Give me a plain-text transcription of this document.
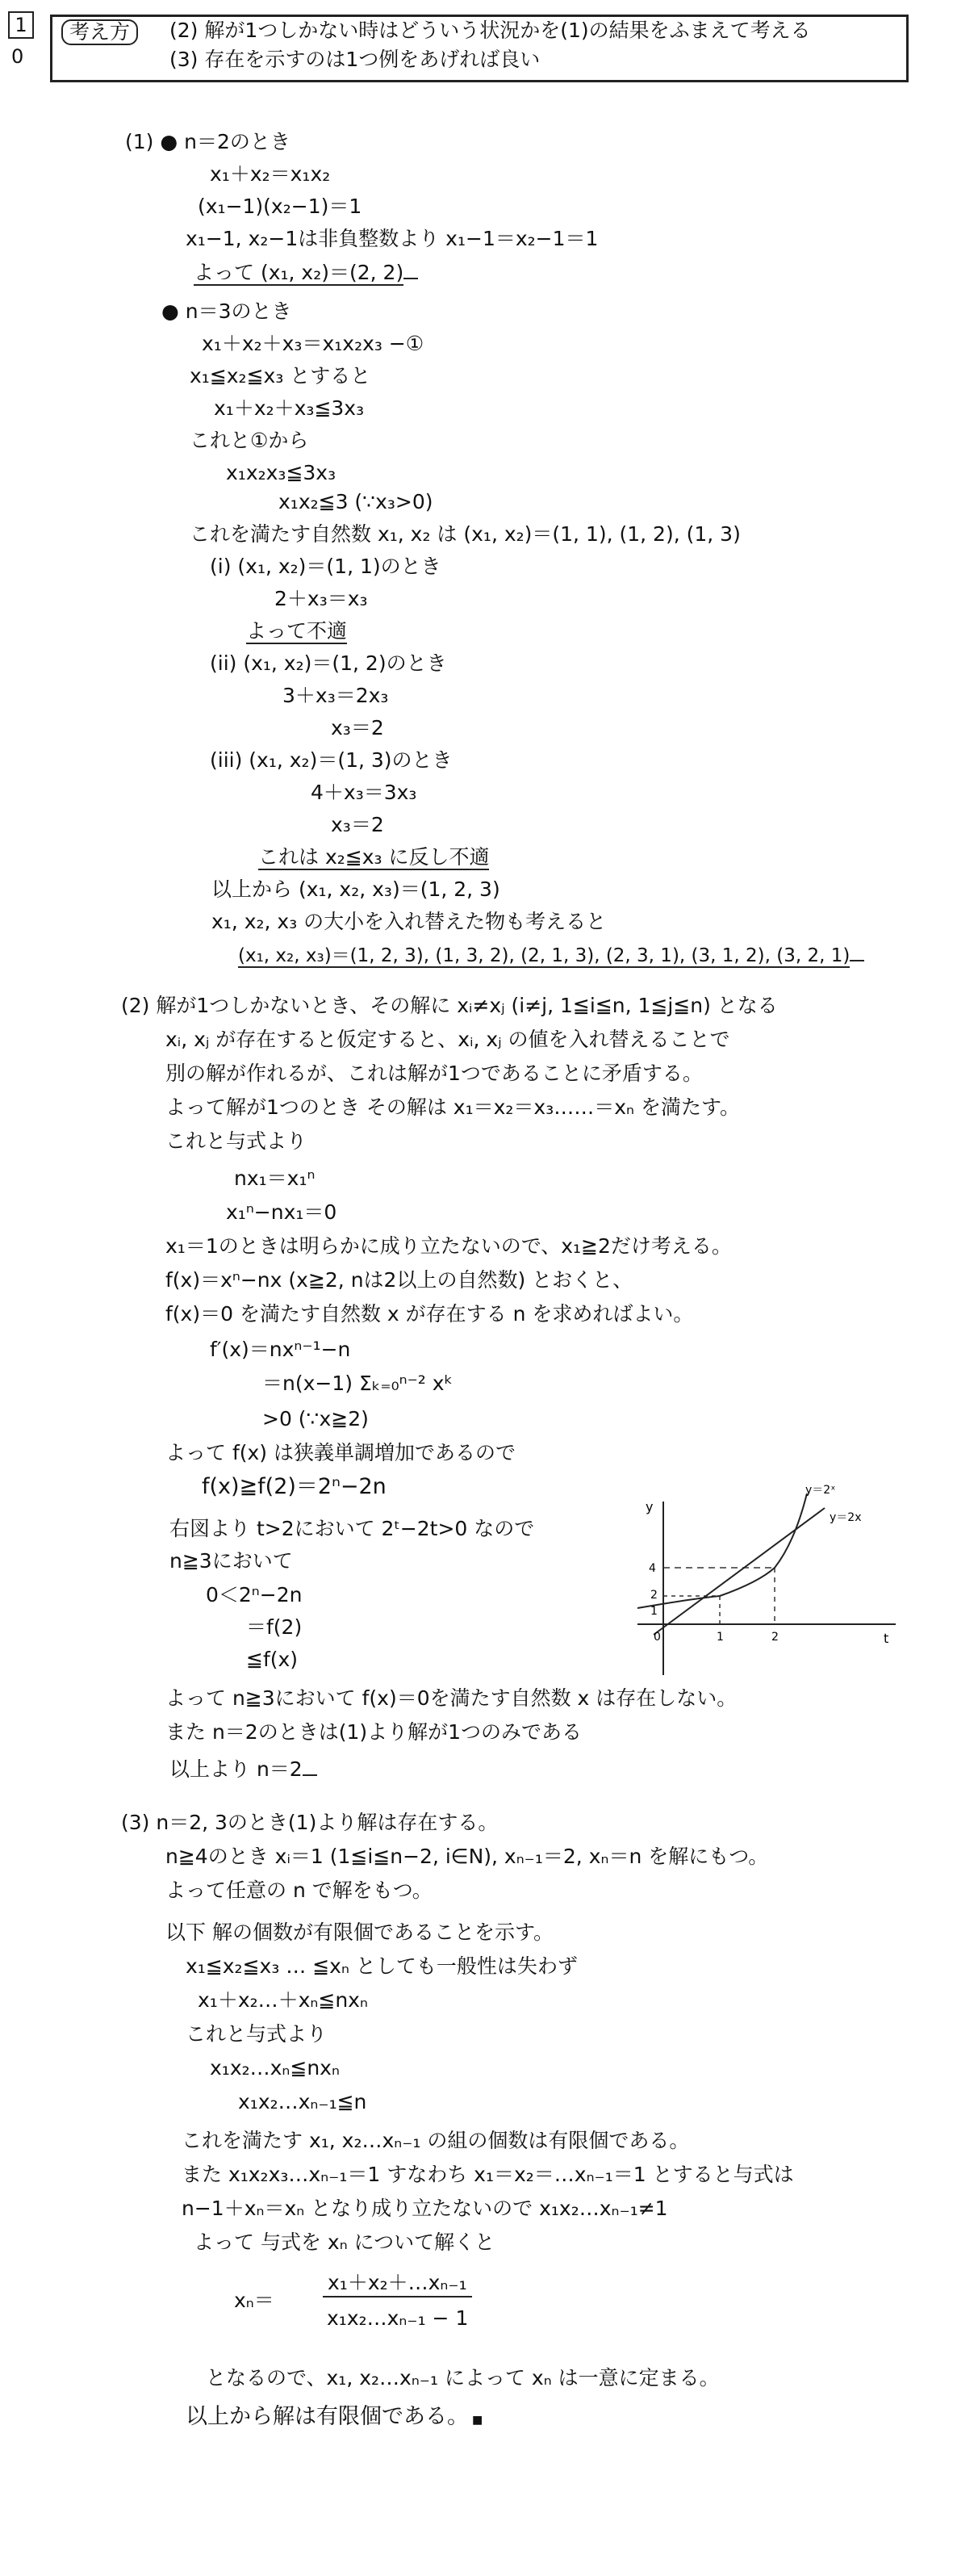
1
0
考え方	(2) 解が1つしかない時はどういう状況かを(1)の結果をふまえて考える
(3) 存在を示すのは1つ例をあげれば良い
(1) ● n＝2のとき
x₁＋x₂＝x₁x₂
(x₁−1)(x₂−1)＝1
x₁−1, x₂−1は非負整数より x₁−1＝x₂−1＝1
よって (x₁, x₂)＝(2, 2)
● n＝3のとき
x₁＋x₂＋x₃＝x₁x₂x₃ −①
x₁≦x₂≦x₃ とすると
x₁＋x₂＋x₃≦3x₃
これと①から
x₁x₂x₃≦3x₃
x₁x₂≦3 (∵x₃>0)
これを満たす自然数 x₁, x₂ は (x₁, x₂)＝(1, 1), (1, 2), (1, 3)
(i) (x₁, x₂)＝(1, 1)のとき
2＋x₃＝x₃
よって不適
(ii) (x₁, x₂)＝(1, 2)のとき
3＋x₃＝2x₃
x₃＝2
(iii) (x₁, x₂)＝(1, 3)のとき
4＋x₃＝3x₃
x₃＝2
これは x₂≦x₃ に反し不適
以上から (x₁, x₂, x₃)＝(1, 2, 3)
x₁, x₂, x₃ の大小を入れ替えた物も考えると
(x₁, x₂, x₃)＝(1, 2, 3), (1, 3, 2), (2, 1, 3), (2, 3, 1), (3, 1, 2), (3, 2, 1)
(2) 解が1つしかないとき、その解に xᵢ≠xⱼ (i≠j, 1≦i≦n, 1≦j≦n) となる
xᵢ, xⱼ が存在すると仮定すると、xᵢ, xⱼ の値を入れ替えることで
別の解が作れるが、これは解が1つであることに矛盾する。
よって解が1つのとき その解は x₁＝x₂＝x₃……＝xₙ を満たす。
これと与式より
nx₁＝x₁ⁿ
x₁ⁿ−nx₁＝0
x₁＝1のときは明らかに成り立たないので、x₁≧2だけ考える。
f(x)＝xⁿ−nx (x≧2, nは2以上の自然数) とおくと、
f(x)＝0 を満たす自然数 x が存在する n を求めればよい。
f′(x)＝nxⁿ⁻¹−n
＝n(x−1) Σₖ₌₀ⁿ⁻² xᵏ
>0 (∵x≧2)
よって f(x) は狭義単調増加であるので
f(x)≧f(2)＝2ⁿ−2n
右図より t>2において 2ᵗ−2t>0 なので
n≧3において
0＜2ⁿ−2n
＝f(2)
≦f(x)
よって n≧3において f(x)＝0を満たす自然数 x は存在しない。
また n＝2のときは(1)より解が1つのみである
以上より n＝2
y
t
0	1	2
1
2
4
y＝2ˣ
y＝2x
(3) n＝2, 3のとき(1)より解は存在する。
n≧4のとき xᵢ＝1 (1≦i≦n−2, i∈N), xₙ₋₁＝2, xₙ＝n を解にもつ。
よって任意の n で解をもつ。
以下 解の個数が有限個であることを示す。
x₁≦x₂≦x₃ … ≦xₙ としても一般性は失わず
x₁＋x₂…＋xₙ≦nxₙ
これと与式より
x₁x₂…xₙ≦nxₙ
x₁x₂…xₙ₋₁≦n
これを満たす x₁, x₂…xₙ₋₁ の組の個数は有限個である。
また x₁x₂x₃…xₙ₋₁＝1 すなわち x₁＝x₂＝…xₙ₋₁＝1 とすると与式は
n−1＋xₙ＝xₙ となり成り立たないので x₁x₂…xₙ₋₁≠1
よって 与式を xₙ について解くと
xₙ＝
x₁＋x₂＋…xₙ₋₁
x₁x₂…xₙ₋₁ − 1
となるので、x₁, x₂…xₙ₋₁ によって xₙ は一意に定まる。
以上から解は有限個である。 ■
